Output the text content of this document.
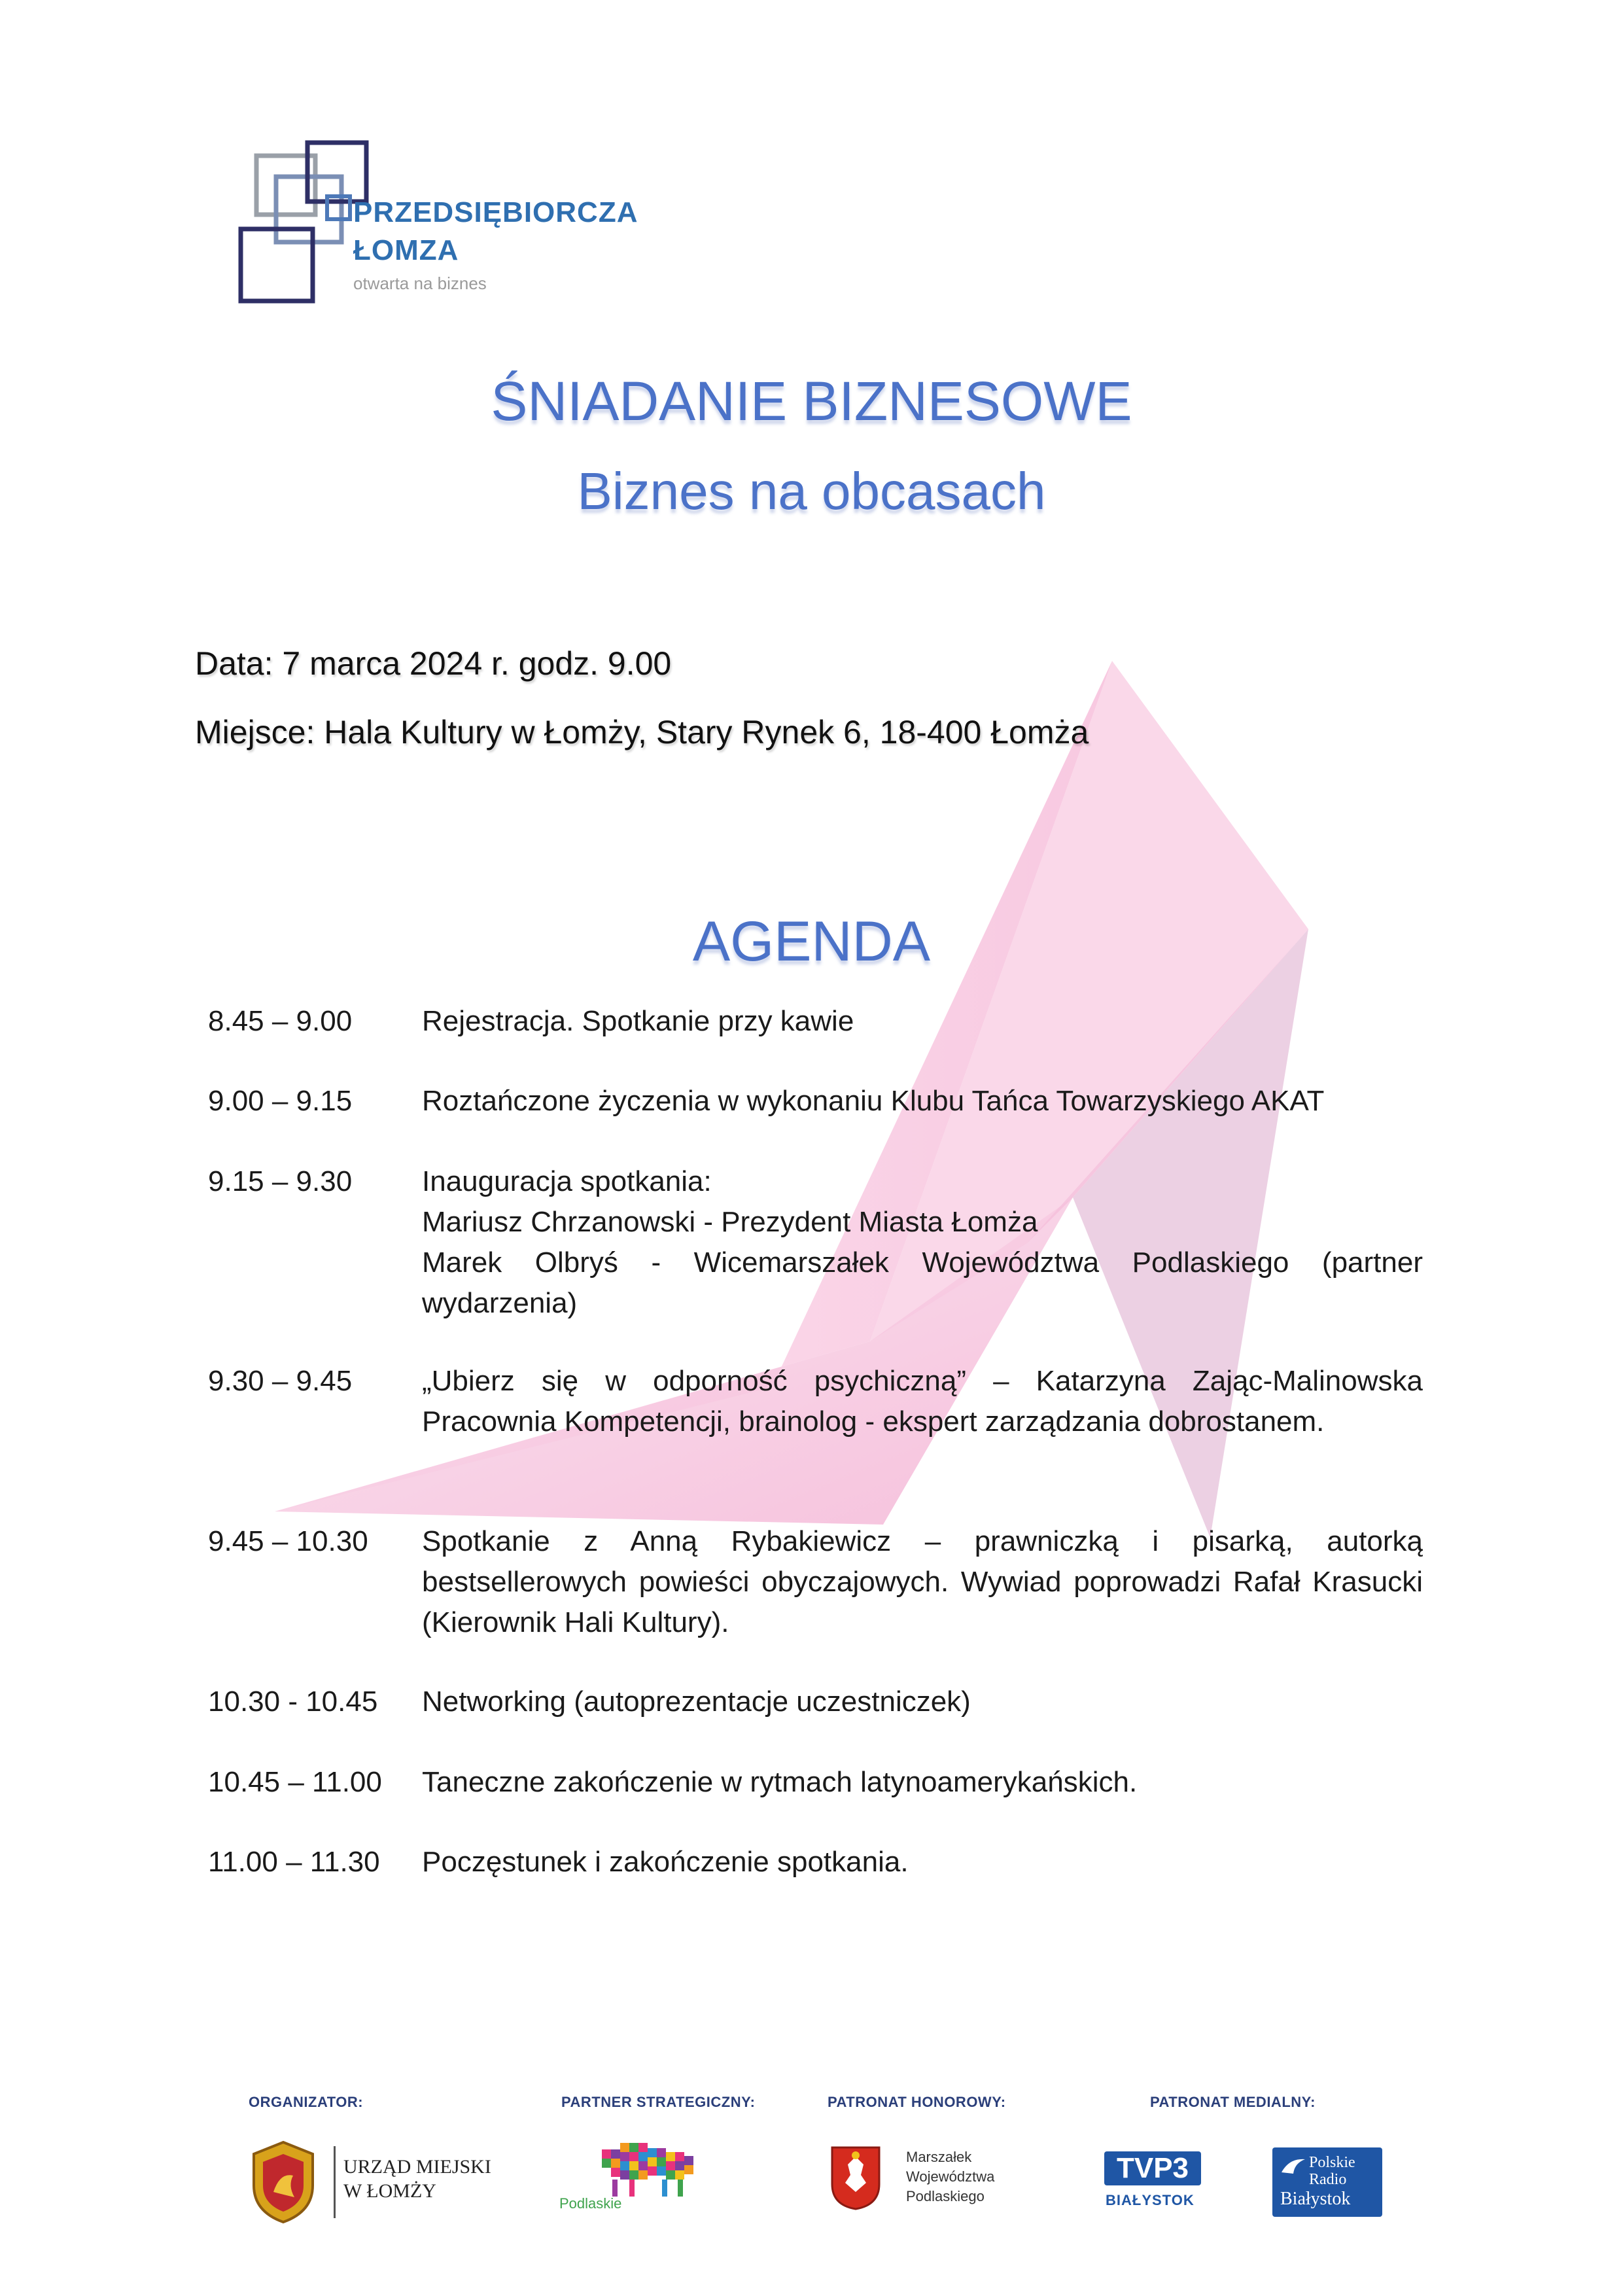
PRZEDSIĘBIORCZA
ŁOMZA
otwarta na biznes
ŚNIADANIE BIZNESOWE
Biznes na obcasach
Data: 7 marca 2024 r. godz. 9.00
Miejsce: Hala Kultury w Łomży, Stary Rynek 6, 18-400 Łomża
AGENDA
8.45 – 9.00	Rejestracja. Spotkanie przy kawie
9.00 – 9.15	Roztańczone życzenia w wykonaniu Klubu Tańca Towarzyskiego AKAT
9.15 – 9.30	Inauguracja spotkania:
Mariusz Chrzanowski - Prezydent Miasta Łomża
Marek Olbryś - Wicemarszałek Województwa Podlaskiego (partner wydarzenia)
9.30 – 9.45	„Ubierz się w odporność psychiczną” – Katarzyna Zając-Malinowska Pracownia Kompetencji, brainolog - ekspert zarządzania dobrostanem.
9.45 – 10.30	Spotkanie z Anną Rybakiewicz – prawniczką i pisarką, autorką bestsellerowych powieści obyczajowych. Wywiad poprowadzi Rafał Krasucki (Kierownik Hali Kultury).
10.30 - 10.45	Networking (autoprezentacje uczestniczek)
10.45 – 11.00	Taneczne zakończenie w rytmach latynoamerykańskich.
11.00 – 11.30	Poczęstunek i zakończenie spotkania.
ORGANIZATOR:	PARTNER STRATEGICZNY:	PATRONAT HONOROWY:	PATRONAT MEDIALNY:
URZĄD MIEJSKI
W ŁOMŻY
Podlaskie
Marszałek
Województwa
Podlaskiego
TVP3
BIAŁYSTOK
Polskie
Radio
Białystok
